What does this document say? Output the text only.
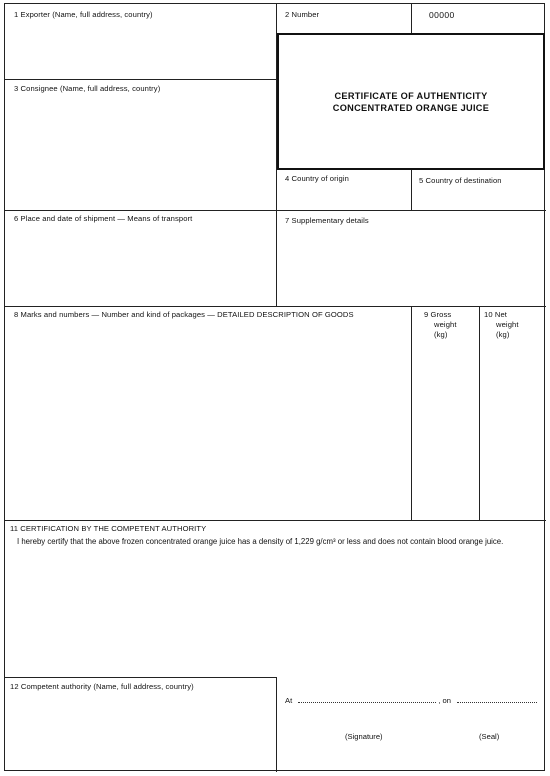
1 Exporter (Name, full address, country)	2 Number	00000
CERTIFICATE OF AUTHENTICITY
CONCENTRATED ORANGE JUICE
3 Consignee (Name, full address, country)
4 Country of origin	5 Country of destination
6 Place and date of shipment — Means of transport	7 Supplementary details
8 Marks and numbers — Number and kind of packages — DETAILED DESCRIPTION OF GOODS	9 Gross
weight
(kg)
10 Net
weight
(kg)
11 CERTIFICATION BY THE COMPETENT AUTHORITY
I hereby certify that the above frozen concentrated orange juice has a density of 1,229 g/cm³ or less and does not contain blood orange juice.
12 Competent authority (Name, full address, country)
At	, on
(Signature)	(Seal)
